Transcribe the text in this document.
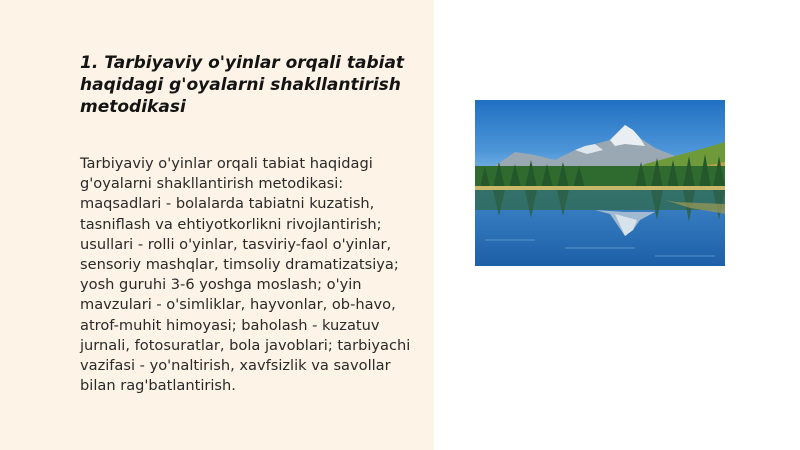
1. Tarbiyaviy o'yinlar orqali tabiat haqidagi g'oyalarni shakllantirish metodikasi

Tarbiyaviy o'yinlar orqali tabiat haqidagi g'oyalarni shakllantirish metodikasi: maqsadlari - bolalarda tabiatni kuzatish, tasniflash va ehtiyotkorlikni rivojlantirish; usullari - rolli o'yinlar, tasviriy-faol o'yinlar, sensoriy mashqlar, timsoliy dramatizatsiya; yosh guruhi 3-6 yoshga moslash; o'yin mavzulari - o'simliklar, hayvonlar, ob-havo, atrof-muhit himoyasi; baholash - kuzatuv jurnali, fotosuratlar, bola javoblari; tarbiyachi vazifasi - yo'naltirish, xavfsizlik va savollar bilan rag'batlantirish.
